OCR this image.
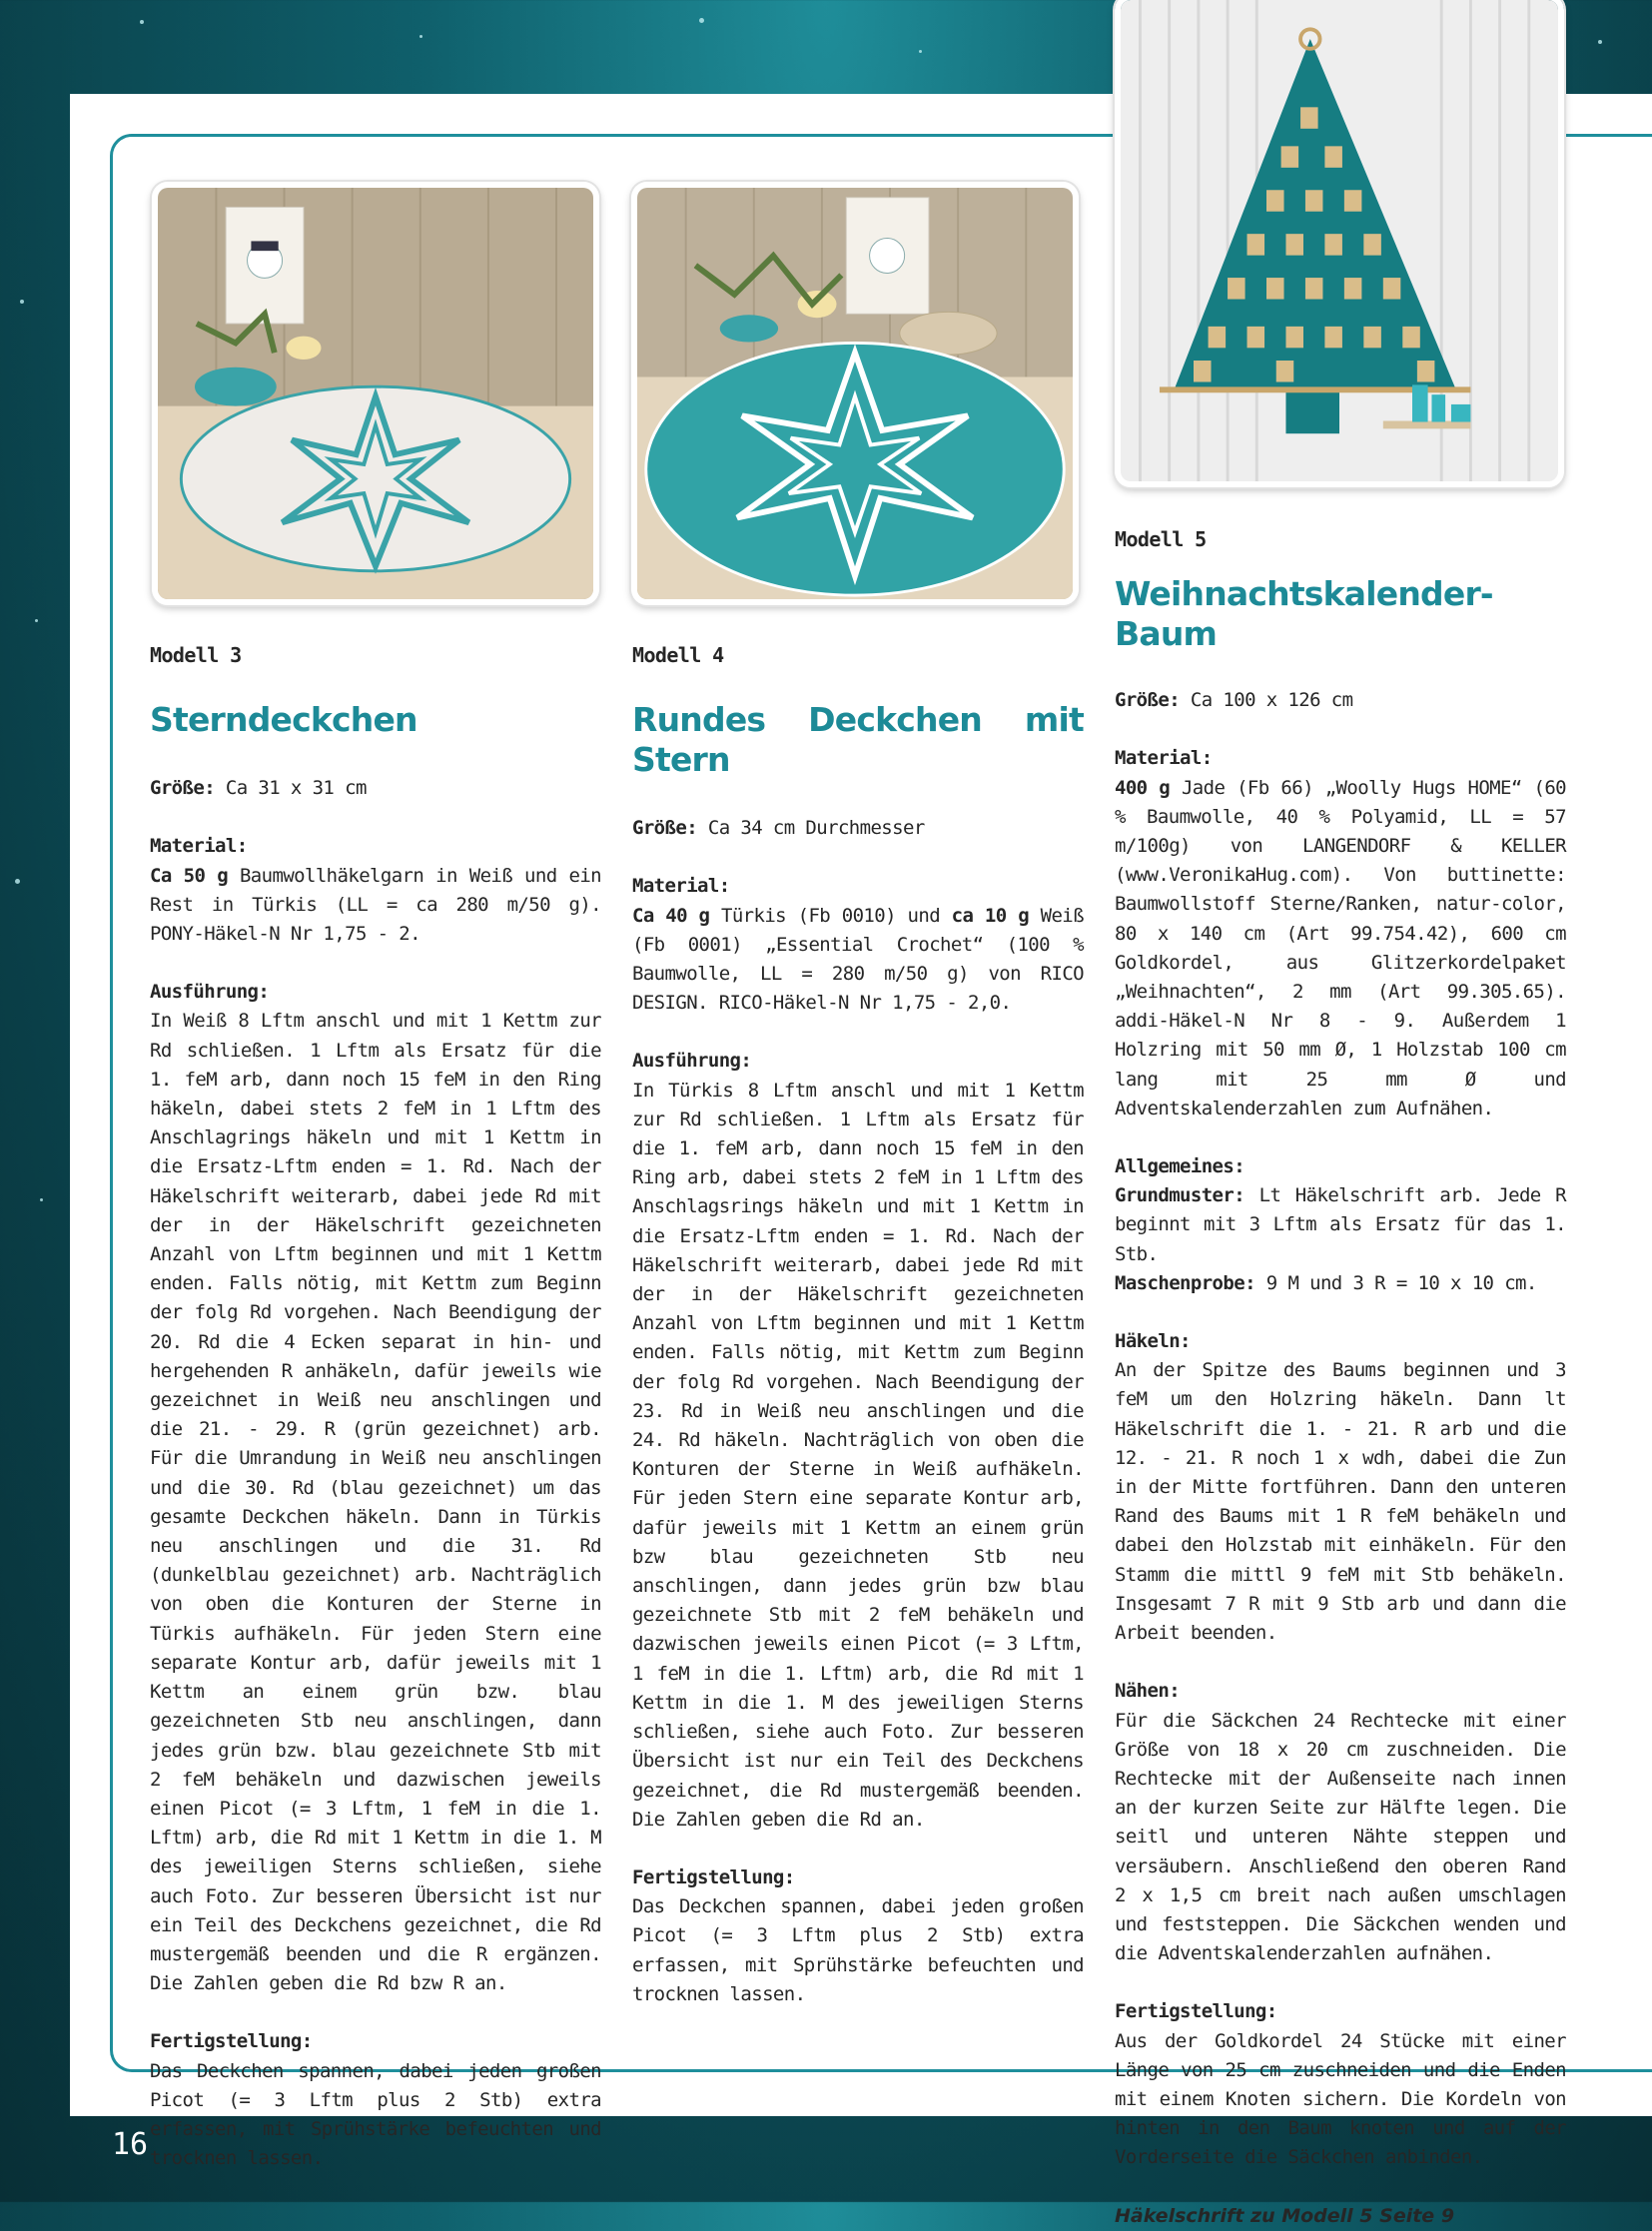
Modell 3

Sterndeckchen

Größe: Ca 31 x 31 cm

Material:

Ca 50 g Baumwollhäkelgarn in Weiß und ein Rest in Türkis (LL = ca 280 m/50 g). PONY-Häkel-N Nr 1,75 - 2.

Ausführung:

In Weiß 8 Lftm anschl und mit 1 Kettm zur Rd schließen. 1 Lftm als Ersatz für die 1. feM arb, dann noch 15 feM in den Ring häkeln, dabei stets 2 feM in 1 Lftm des Anschlagrings häkeln und mit 1 Kettm in die Ersatz-Lftm enden = 1. Rd. Nach der Häkelschrift weiterarb, dabei jede Rd mit der in der Häkelschrift gezeichneten Anzahl von Lftm beginnen und mit 1 Kettm enden. Falls nötig, mit Kettm zum Beginn der folg Rd vorgehen. Nach Beendigung der 20. Rd die 4 Ecken separat in hin- und hergehenden R anhäkeln, dafür jeweils wie gezeichnet in Weiß neu anschlingen und die 21. - 29. R (grün gezeichnet) arb. Für die Umrandung in Weiß neu anschlingen und die 30. Rd (blau gezeichnet) um das gesamte Deckchen häkeln. Dann in Türkis neu anschlingen und die 31. Rd (dunkelblau gezeichnet) arb. Nachträglich von oben die Konturen der Sterne in Türkis aufhäkeln. Für jeden Stern eine separate Kontur arb, dafür jeweils mit 1 Kettm an einem grün bzw. blau gezeichneten Stb neu anschlingen, dann jedes grün bzw. blau gezeichnete Stb mit 2 feM behäkeln und dazwischen jeweils einen Picot (= 3 Lftm, 1 feM in die 1. Lftm) arb, die Rd mit 1 Kettm in die 1. M des jeweiligen Sterns schließen, siehe auch Foto. Zur besseren Übersicht ist nur ein Teil des Deckchens gezeichnet, die Rd mustergemäß beenden und die R ergänzen. Die Zahlen geben die Rd bzw R an.

Fertigstellung:

Das Deckchen spannen, dabei jeden großen Picot (= 3 Lftm plus 2 Stb) extra erfassen, mit Sprühstärke befeuchten und trocknen lassen.

Modell 4

Rundes Deckchen mit Stern

Größe: Ca 34 cm Durchmesser

Material:

Ca 40 g Türkis (Fb 0010) und ca 10 g Weiß (Fb 0001) „Essential Crochet“ (100 % Baumwolle, LL = 280 m/50 g) von RICO DESIGN. RICO-Häkel-N Nr 1,75 - 2,0.

Ausführung:

In Türkis 8 Lftm anschl und mit 1 Kettm zur Rd schließen. 1 Lftm als Ersatz für die 1. feM arb, dann noch 15 feM in den Ring arb, dabei stets 2 feM in 1 Lftm des Anschlagsrings häkeln und mit 1 Kettm in die Ersatz-Lftm enden = 1. Rd. Nach der Häkelschrift weiterarb, dabei jede Rd mit der in der Häkelschrift gezeichneten Anzahl von Lftm beginnen und mit 1 Kettm enden. Falls nötig, mit Kettm zum Beginn der folg Rd vorgehen. Nach Beendigung der 23. Rd in Weiß neu anschlingen und die 24. Rd häkeln. Nachträglich von oben die Konturen der Sterne in Weiß aufhäkeln. Für jeden Stern eine separate Kontur arb, dafür jeweils mit 1 Kettm an einem grün bzw blau gezeichneten Stb neu anschlingen, dann jedes grün bzw blau gezeichnete Stb mit 2 feM behäkeln und dazwischen jeweils einen Picot (= 3 Lftm, 1 feM in die 1. Lftm) arb, die Rd mit 1 Kettm in die 1. M des jeweiligen Sterns schließen, siehe auch Foto. Zur besseren Übersicht ist nur ein Teil des Deckchens gezeichnet, die Rd mustergemäß beenden. Die Zahlen geben die Rd an.

Fertigstellung:

Das Deckchen spannen, dabei jeden großen Picot (= 3 Lftm plus 2 Stb) extra erfassen, mit Sprühstärke befeuchten und trocknen lassen.

Modell 5

Weihnachtskalender-Baum

Größe: Ca 100 x 126 cm

Material:

400 g Jade (Fb 66) „Woolly Hugs HOME“ (60 % Baumwolle, 40 % Polyamid, LL = 57 m/100g) von LANGENDORF & KELLER (www.VeronikaHug.com). Von buttinette: Baumwollstoff Sterne/Ranken, natur-color, 80 x 140 cm (Art 99.754.42), 600 cm Goldkordel, aus Glitzerkordelpaket „Weihnachten“, 2 mm (Art 99.305.65). addi-Häkel-N Nr 8 - 9. Außerdem 1 Holzring mit 50 mm Ø, 1 Holzstab 100 cm lang mit 25 mm Ø und Adventskalenderzahlen zum Aufnähen.

Allgemeines:

Grundmuster: Lt Häkelschrift arb. Jede R beginnt mit 3 Lftm als Ersatz für das 1. Stb.

Maschenprobe: 9 M und 3 R = 10 x 10 cm.

Häkeln:

An der Spitze des Baums beginnen und 3 feM um den Holzring häkeln. Dann lt Häkelschrift die 1. - 21. R arb und die 12. - 21. R noch 1 x wdh, dabei die Zun in der Mitte fortführen. Dann den unteren Rand des Baums mit 1 R feM behäkeln und dabei den Holzstab mit einhäkeln. Für den Stamm die mittl 9 feM mit Stb behäkeln. Insgesamt 7 R mit 9 Stb arb und dann die Arbeit beenden.

Nähen:

Für die Säckchen 24 Rechtecke mit einer Größe von 18 x 20 cm zuschneiden. Die Rechtecke mit der Außenseite nach innen an der kurzen Seite zur Hälfte legen. Die seitl und unteren Nähte steppen und versäubern. Anschließend den oberen Rand 2 x 1,5 cm breit nach außen umschlagen und feststeppen. Die Säckchen wenden und die Adventskalenderzahlen aufnähen.

Fertigstellung:

Aus der Goldkordel 24 Stücke mit einer Länge von 25 cm zuschneiden und die Enden mit einem Knoten sichern. Die Kordeln von hinten in den Baum knoten und auf der Vorderseite die Säckchen anbinden.

Häkelschrift zu Modell 5 Seite 9

16
